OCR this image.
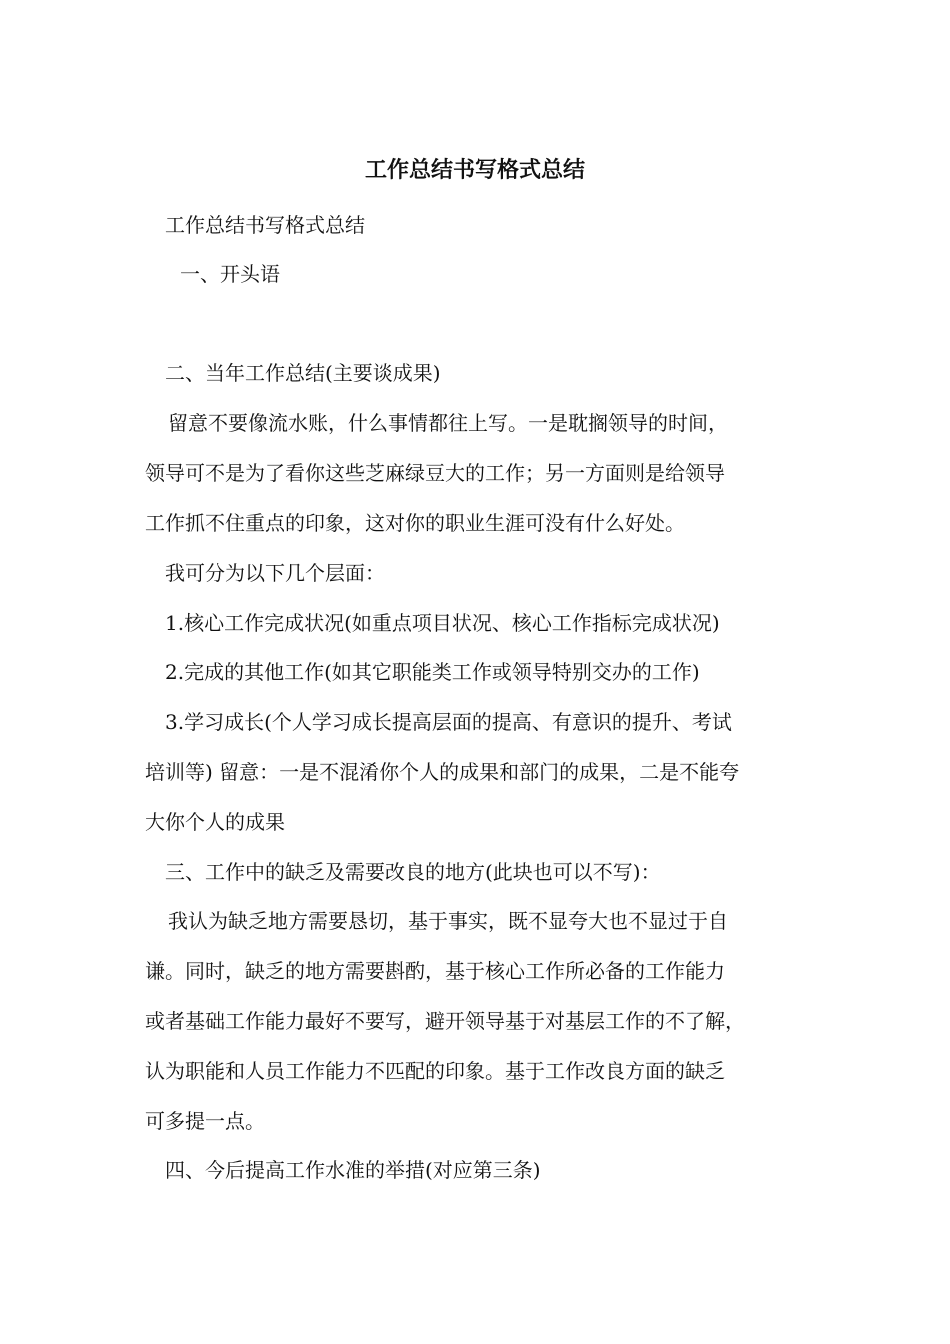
工作总结书写格式总结

工作总结书写格式总结

一、开头语

二、当年工作总结(主要谈成果)

留意不要像流水账，什么事情都往上写。一是耽搁领导的时间，

领导可不是为了看你这些芝麻绿豆大的工作；另一方面则是给领导

工作抓不住重点的印象，这对你的职业生涯可没有什么好处。

我可分为以下几个层面：

1.核心工作完成状况(如重点项目状况、核心工作指标完成状况)

2.完成的其他工作(如其它职能类工作或领导特别交办的工作)

3.学习成长(个人学习成长提高层面的提高、有意识的提升、考试

培训等) 留意：一是不混淆你个人的成果和部门的成果，二是不能夸

大你个人的成果

三、工作中的缺乏及需要改良的地方(此块也可以不写)：

我认为缺乏地方需要恳切，基于事实，既不显夸大也不显过于自

谦。同时，缺乏的地方需要斟酌，基于核心工作所必备的工作能力

或者基础工作能力最好不要写，避开领导基于对基层工作的不了解，

认为职能和人员工作能力不匹配的印象。基于工作改良方面的缺乏

可多提一点。

四、今后提高工作水准的举措(对应第三条)
